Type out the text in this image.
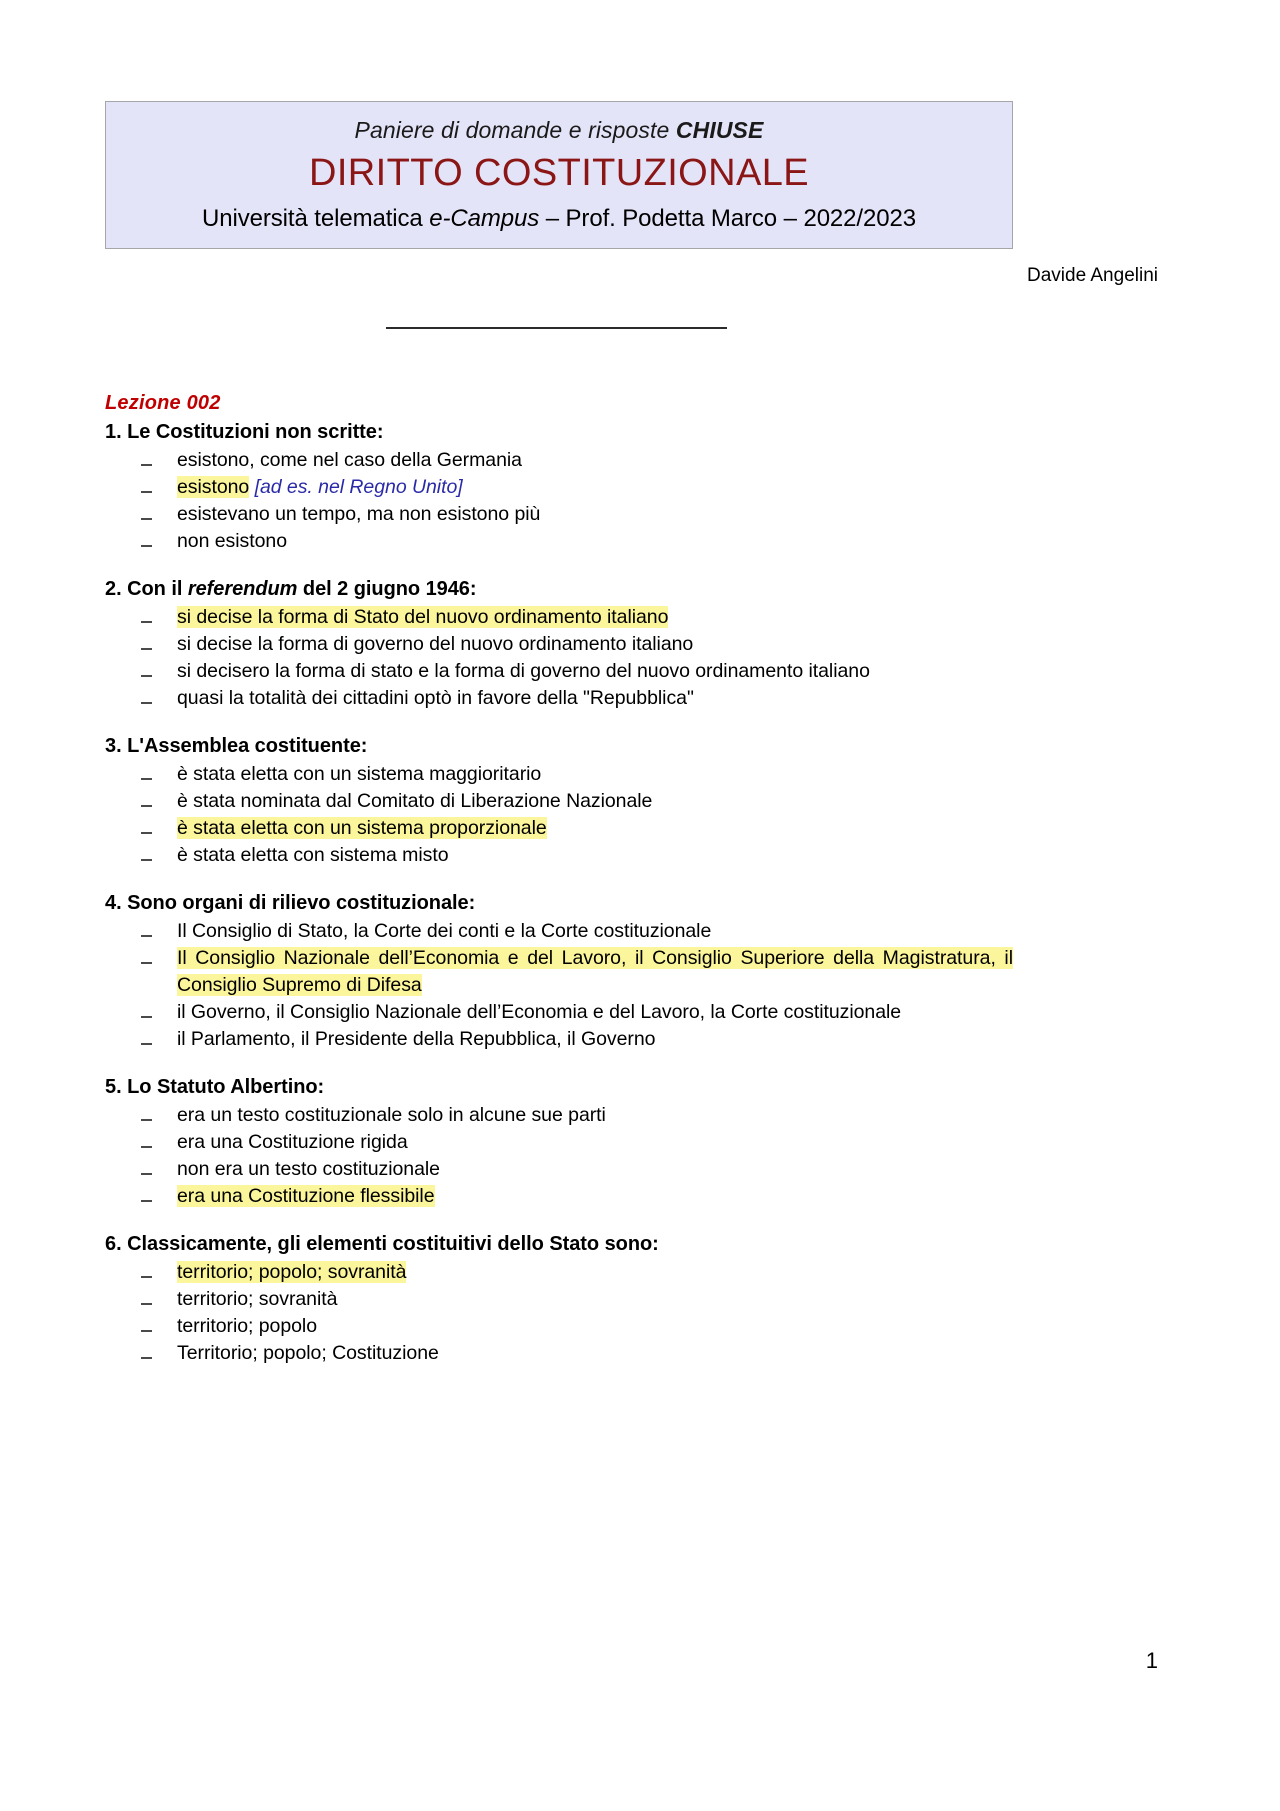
Paniere di domande e risposte CHIUSE
DIRITTO COSTITUZIONALE
Università telematica e-Campus – Prof. Podetta Marco – 2022/2023
Davide Angelini
Lezione 002
1. Le Costituzioni non scritte:
esistono, come nel caso della Germania
esistono [ad es. nel Regno Unito]
esistevano un tempo, ma non esistono più
non esistono
2. Con il referendum del 2 giugno 1946:
si decise la forma di Stato del nuovo ordinamento italiano
si decise la forma di governo del nuovo ordinamento italiano
si decisero la forma di stato e la forma di governo del nuovo ordinamento italiano
quasi la totalità dei cittadini optò in favore della "Repubblica"
3. L'Assemblea costituente:
è stata eletta con un sistema maggioritario
è stata nominata dal Comitato di Liberazione Nazionale
è stata eletta con un sistema proporzionale
è stata eletta con sistema misto
4. Sono organi di rilievo costituzionale:
Il Consiglio di Stato, la Corte dei conti e la Corte costituzionale
Il Consiglio Nazionale dell’Economia e del Lavoro, il Consiglio Superiore della Magistratura, il Consiglio Supremo di Difesa
il Governo, il Consiglio Nazionale dell’Economia e del Lavoro, la Corte costituzionale
il Parlamento, il Presidente della Repubblica, il Governo
5. Lo Statuto Albertino:
era un testo costituzionale solo in alcune sue parti
era una Costituzione rigida
non era un testo costituzionale
era una Costituzione flessibile
6. Classicamente, gli elementi costituitivi dello Stato sono:
territorio; popolo; sovranità
territorio; sovranità
territorio; popolo
Territorio; popolo; Costituzione
1
